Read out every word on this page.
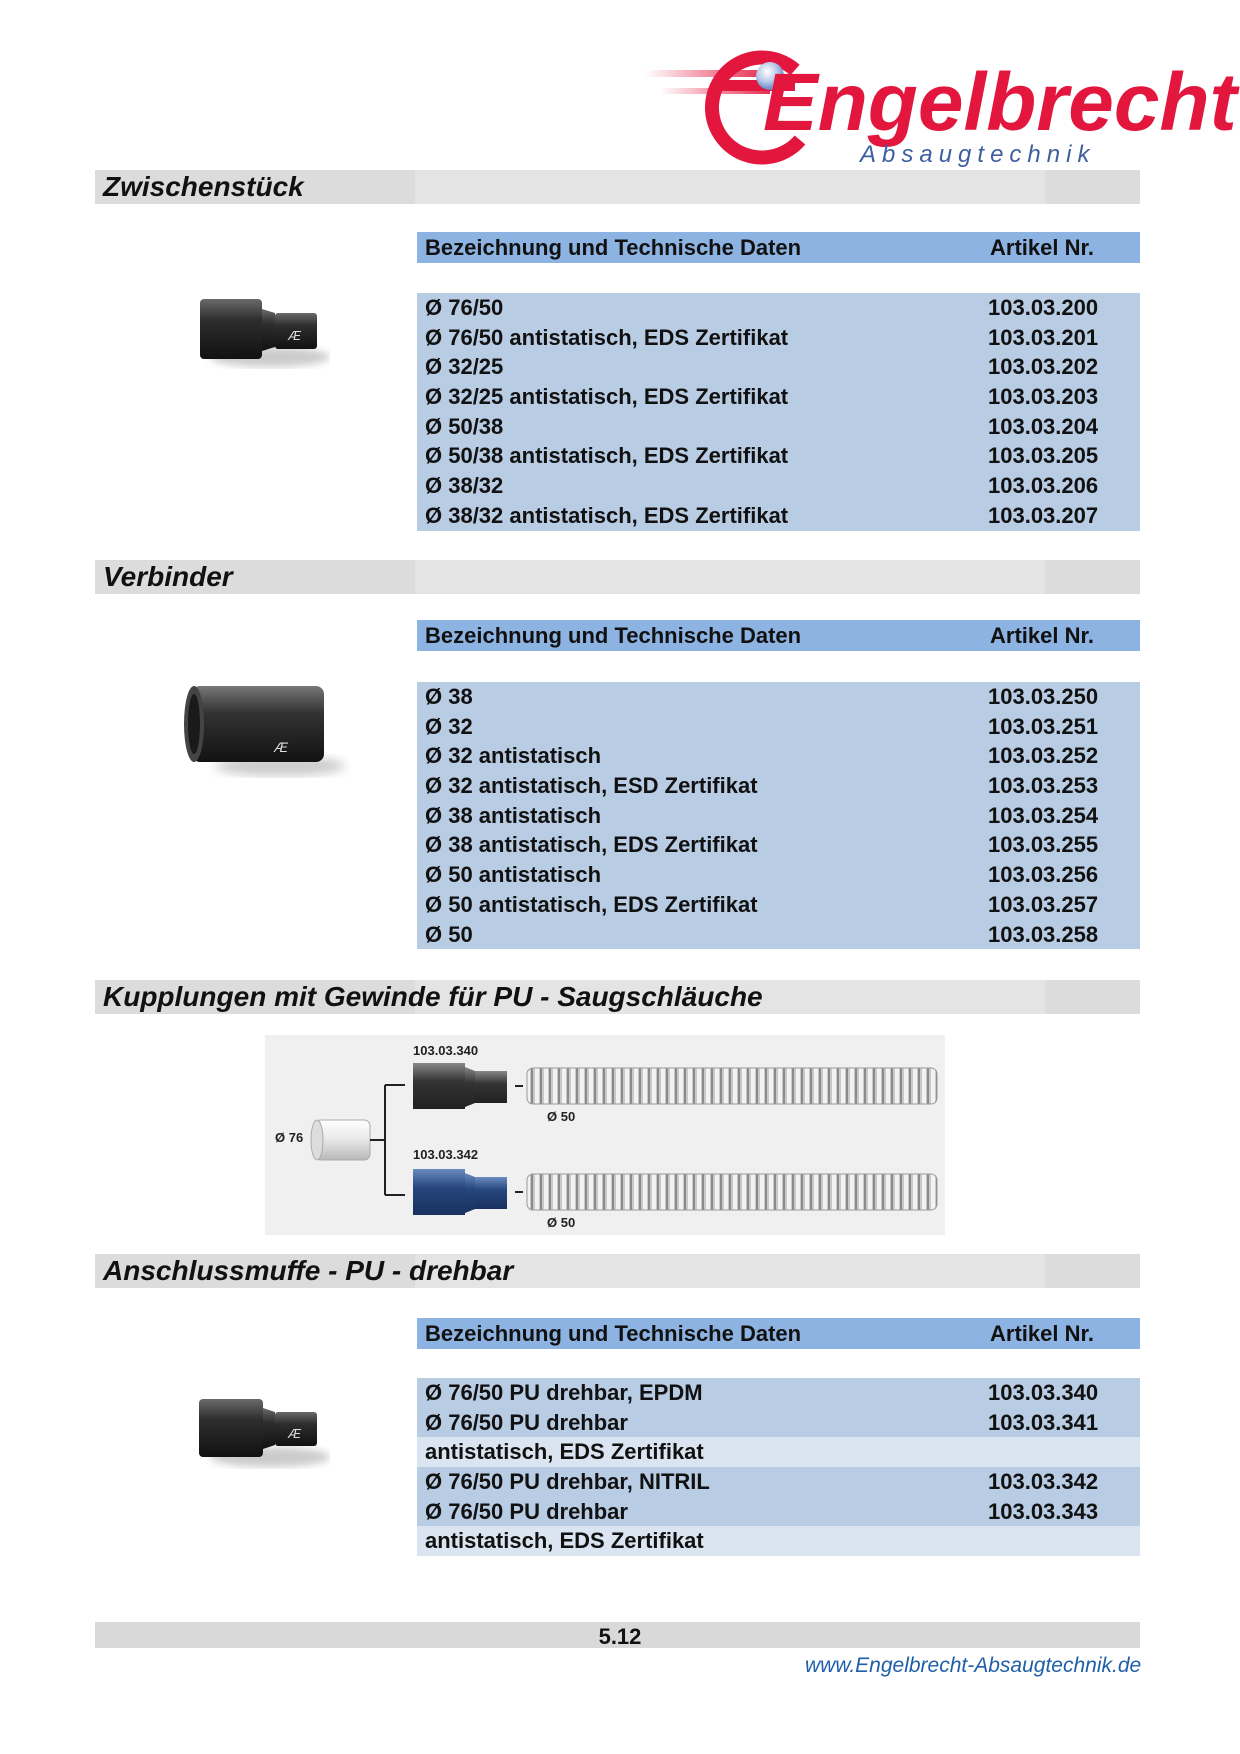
Engelbrecht
Absaugtechnik
Zwischenstück
Æ
Bezeichnung und Technische Daten	Artikel Nr.
Ø 76/50	103.03.200
Ø 76/50 antistatisch, EDS Zertifikat	103.03.201
Ø 32/25	103.03.202
Ø 32/25 antistatisch, EDS Zertifikat	103.03.203
Ø 50/38	103.03.204
Ø 50/38 antistatisch, EDS Zertifikat	103.03.205
Ø 38/32	103.03.206
Ø 38/32 antistatisch, EDS Zertifikat	103.03.207
Verbinder
Æ
Bezeichnung und Technische Daten	Artikel Nr.
Ø 38	103.03.250
Ø 32	103.03.251
Ø 32 antistatisch	103.03.252
Ø 32 antistatisch, ESD Zertifikat	103.03.253
Ø 38 antistatisch	103.03.254
Ø 38 antistatisch, EDS Zertifikat	103.03.255
Ø 50 antistatisch	103.03.256
Ø 50 antistatisch, EDS Zertifikat	103.03.257
Ø 50	103.03.258
Kupplungen mit Gewinde für PU - Saugschläuche
103.03.340
103.03.342
Ø 76
Ø 50
Ø 50
Anschlussmuffe - PU - drehbar
Æ
Bezeichnung und Technische Daten	Artikel Nr.
Ø 76/50 PU drehbar, EPDM	103.03.340
Ø 76/50 PU drehbar	103.03.341
antistatisch, EDS Zertifikat
Ø 76/50 PU drehbar, NITRIL	103.03.342
Ø 76/50 PU drehbar	103.03.343
antistatisch, EDS Zertifikat
5.12
www.Engelbrecht-Absaugtechnik.de
